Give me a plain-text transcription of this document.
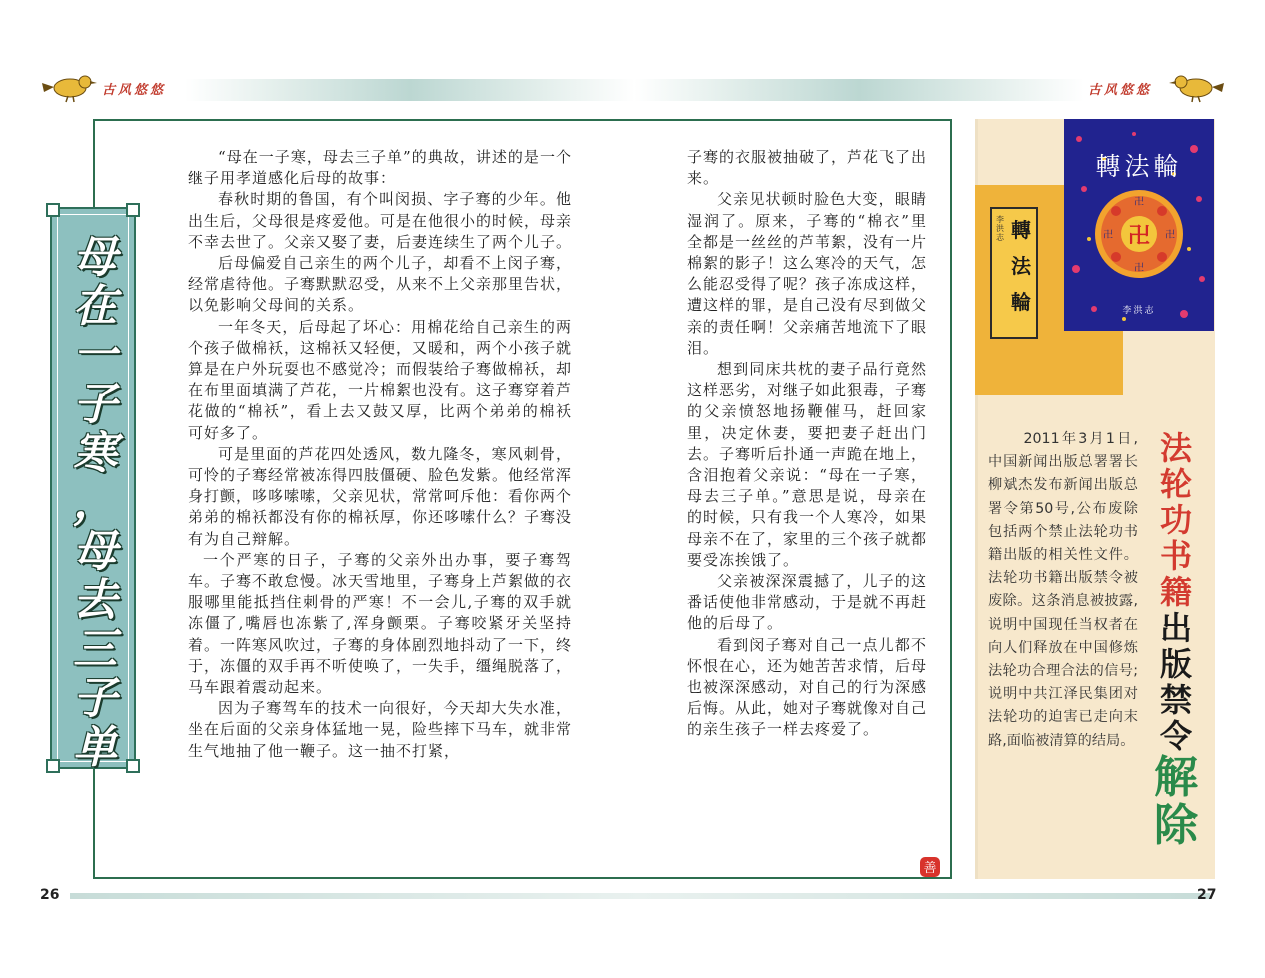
古风悠悠	古风悠悠
母
在
一
子
寒
，
母
去
三
子
单

“母在一子寒，母去三子单”的典故，讲述的是一个继子用孝道感化后母的故事：

春秋时期的鲁国，有个叫闵损、字子骞的少年。他出生后，父母很是疼爱他。可是在他很小的时候，母亲不幸去世了。父亲又娶了妻，后妻连续生了两个儿子。

后母偏爱自己亲生的两个儿子，却看不上闵子骞，经常虐待他。子骞默默忍受，从来不上父亲那里告状，以免影响父母间的关系。

一年冬天，后母起了坏心：用棉花给自己亲生的两个孩子做棉袄，这棉袄又轻便，又暖和，两个小孩子就算是在户外玩耍也不感觉冷；而假装给子骞做棉袄，却在布里面填满了芦花，一片棉絮也没有。这子骞穿着芦花做的“棉袄”，看上去又鼓又厚，比两个弟弟的棉袄可好多了。

可是里面的芦花四处透风，数九隆冬，寒风刺骨，可怜的子骞经常被冻得四肢僵硬、脸色发紫。他经常浑身打颤，哆哆嗦嗦，父亲见状，常常呵斥他：看你两个弟弟的棉袄都没有你的棉袄厚，你还哆嗦什么？子骞没有为自己辩解。

一个严寒的日子，子骞的父亲外出办事，要子骞驾车。子骞不敢怠慢。冰天雪地里，子骞身上芦絮做的衣服哪里能抵挡住刺骨的严寒！不一会儿,子骞的双手就冻僵了,嘴唇也冻紫了,浑身颤栗。子骞咬紧牙关坚持着。一阵寒风吹过，子骞的身体剧烈地抖动了一下，终于，冻僵的双手再不听使唤了，一失手，缰绳脱落了，马车跟着震动起来。

因为子骞驾车的技术一向很好，今天却大失水准，坐在后面的父亲身体猛地一晃，险些摔下马车，就非常生气地抽了他一鞭子。这一抽不打紧，

子骞的衣服被抽破了，芦花飞了出来。

父亲见状顿时脸色大变，眼睛湿润了。原来，子骞的“棉衣”里全都是一丝丝的芦苇絮，没有一片棉絮的影子！这么寒冷的天气，怎么能忍受得了呢？孩子冻成这样，遭这样的罪，是自己没有尽到做父亲的责任啊！父亲痛苦地流下了眼泪。

想到同床共枕的妻子品行竟然这样恶劣，对继子如此狠毒，子骞的父亲愤怒地扬鞭催马，赶回家里，决定休妻，要把妻子赶出门去。子骞听后扑通一声跪在地上，含泪抱着父亲说：“母在一子寒，母去三子单。”意思是说，母亲在的时候，只有我一个人寒冷，如果母亲不在了，家里的三个孩子就都要受冻挨饿了。

父亲被深深震撼了，儿子的这番话使他非常感动，于是就不再赶他的后母了。

看到闵子骞对自己一点儿都不怀恨在心，还为她苦苦求情，后母也被深深感动，对自己的行为深感后悔。从此，她对子骞就像对自己的亲生孩子一样去疼爱了。

善
李洪志 轉法輪
卍
卍
卍
卍	卍
轉法輪
李洪志

2011年3月1日,中国新闻出版总署署长柳斌杰发布新闻出版总署令第50号,公布废除包括两个禁止法轮功书籍出版的相关性文件。法轮功书籍出版禁令被废除。这条消息被披露,说明中国现任当权者在向人们释放在中国修炼法轮功合理合法的信号;说明中共江泽民集团对法轮功的迫害已走向末路,面临被清算的结局。

法
轮
功
书
籍
出
版
禁
令
解
除
26	27
